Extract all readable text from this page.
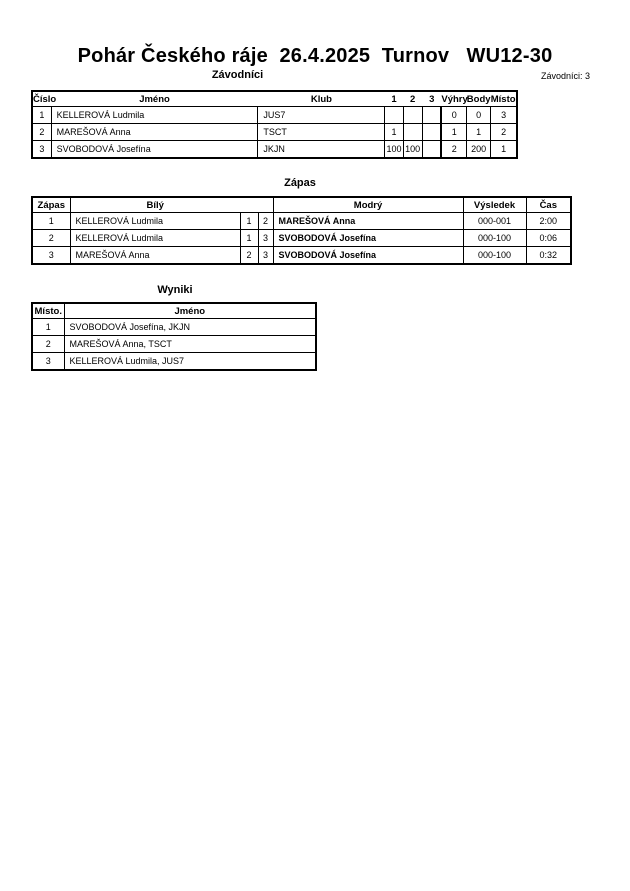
Pohár Českého ráje  26.4.2025  Turnov   WU12-30
Závodníci	Závodníci: 3
Číslo	Jméno	Klub	1	2	3	Výhry	Body	Místo.
1	KELLEROVÁ Ludmila	JUS7				0	0	3
2	MAREŠOVÁ Anna	TSCT	1			1	1	2
3	SVOBODOVÁ Josefína	JKJN	100	100		2	200	1
Zápas
Zápas	Bílý			Modrý	Výsledek	Čas
1	KELLEROVÁ Ludmila	1	2	MAREŠOVÁ Anna	000-001	2:00
2	KELLEROVÁ Ludmila	1	3	SVOBODOVÁ Josefína	000-100	0:06
3	MAREŠOVÁ Anna	2	3	SVOBODOVÁ Josefína	000-100	0:32
Wyniki
Místo.	Jméno
1	SVOBODOVÁ Josefína, JKJN
2	MAREŠOVÁ Anna, TSCT
3	KELLEROVÁ Ludmila, JUS7
